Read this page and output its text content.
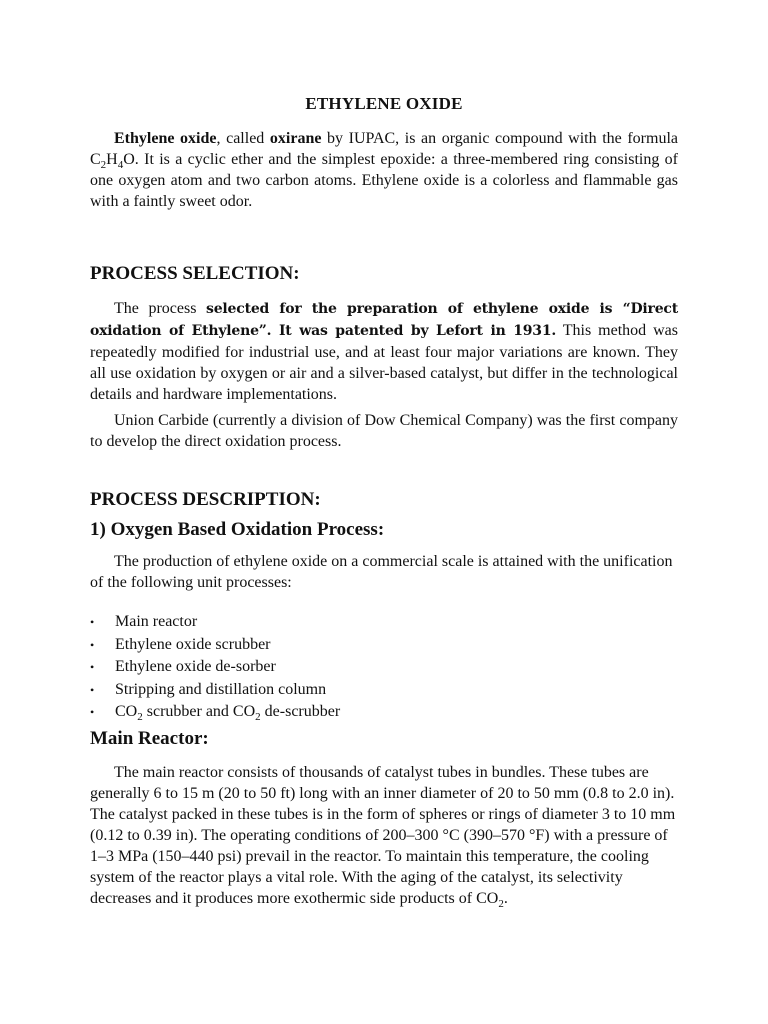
ETHYLENE OXIDE

Ethylene oxide, called oxirane by IUPAC, is an organic compound with the formula $C_2H_4O$. It is a cyclic ether and the simplest epoxide: a three-membered ring consisting of one oxygen atom and two carbon atoms. Ethylene oxide is a colorless and flammable gas with a faintly sweet odor.

PROCESS SELECTION:

The process selected for the preparation of ethylene oxide is “Direct oxidation of Ethylene”. It was patented by Lefort in 1931. This method was repeatedly modified for industrial use, and at least four major variations are known. They all use oxidation by oxygen or air and a silver-based catalyst, but differ in the technological details and hardware implementations.

Union Carbide (currently a division of Dow Chemical Company) was the first company to develop the direct oxidation process.

PROCESS DESCRIPTION:
1) Oxygen Based Oxidation Process:

The production of ethylene oxide on a commercial scale is attained with the unification of the following unit processes:

• Main reactor
• Ethylene oxide scrubber
• Ethylene oxide de-sorber
• Stripping and distillation column
• $CO_2$ scrubber and $CO_2$ de-scrubber
Main Reactor:

The main reactor consists of thousands of catalyst tubes in bundles. These tubes are generally 6 to 15 m (20 to 50 ft) long with an inner diameter of 20 to 50 mm (0.8 to 2.0 in). The catalyst packed in these tubes is in the form of spheres or rings of diameter 3 to 10 mm (0.12 to 0.39 in). The operating conditions of 200–300 °C (390–570 °F) with a pressure of 1–3 MPa (150–440 psi) prevail in the reactor. To maintain this temperature, the cooling system of the reactor plays a vital role. With the aging of the catalyst, its selectivity decreases and it produces more exothermic side products of $CO_2$.
